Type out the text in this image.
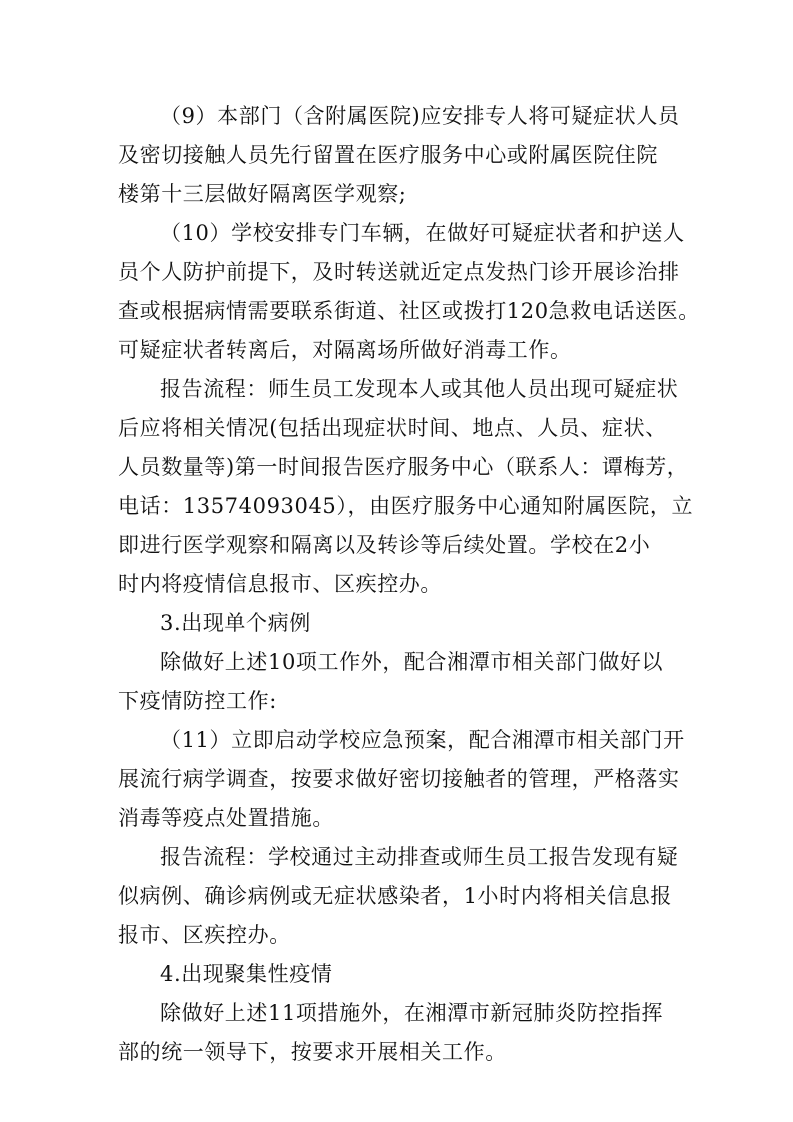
（9）本部门（含附属医院)应安排专人将可疑症状人员
及密切接触人员先行留置在医疗服务中心或附属医院住院
楼第十三层做好隔离医学观察;
（10）学校安排专门车辆，在做好可疑症状者和护送人
员个人防护前提下，及时转送就近定点发热门诊开展诊治排
查或根据病情需要联系街道、社区或拨打120急救电话送医。
可疑症状者转离后，对隔离场所做好消毒工作。
报告流程：师生员工发现本人或其他人员出现可疑症状
后应将相关情况(包括出现症状时间、地点、人员、症状、
人员数量等)第一时间报告医疗服务中心（联系人：谭梅芳，
电话：13574093045），由医疗服务中心通知附属医院，立
即进行医学观察和隔离以及转诊等后续处置。学校在2小
时内将疫情信息报市、区疾控办。
3.出现单个病例
除做好上述10项工作外，配合湘潭市相关部门做好以
下疫情防控工作:
（11）立即启动学校应急预案，配合湘潭市相关部门开
展流行病学调查，按要求做好密切接触者的管理，严格落实
消毒等疫点处置措施。
报告流程：学校通过主动排查或师生员工报告发现有疑
似病例、确诊病例或无症状感染者，1小时内将相关信息报
报市、区疾控办。
4.出现聚集性疫情
除做好上述11项措施外，在湘潭市新冠肺炎防控指挥
部的统一领导下，按要求开展相关工作。
